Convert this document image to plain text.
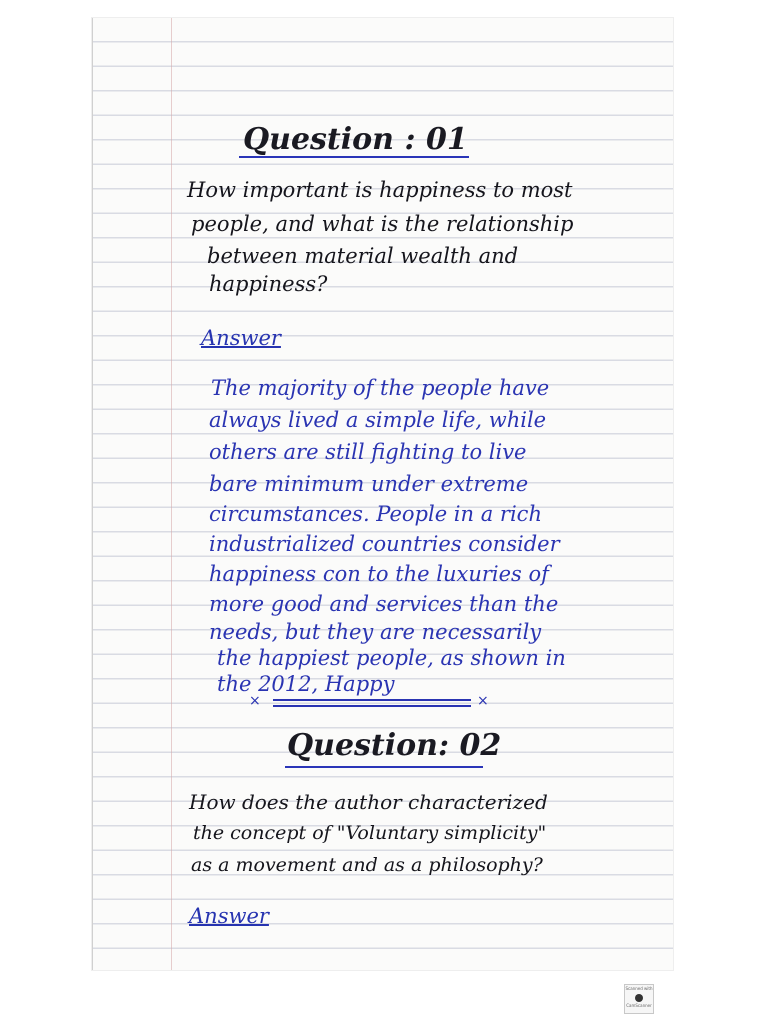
Question : 01

How important is happiness to most

people, and what is the relationship

between material wealth and

happiness?

Answer

The majority of the people have

always lived a simple life, while

others are still fighting to live

bare minimum under extreme

circumstances. People in a rich

industrialized countries consider

happiness con to the luxuries of

more good and services than the

needs, but they are necessarily

the happiest people, as shown in

the 2012, Happy

×	×

Question: 02

How does the author characterized

the concept of "Voluntary simplicity"

as a movement and as a philosophy?

Answer

Scanned with
CamScanner
